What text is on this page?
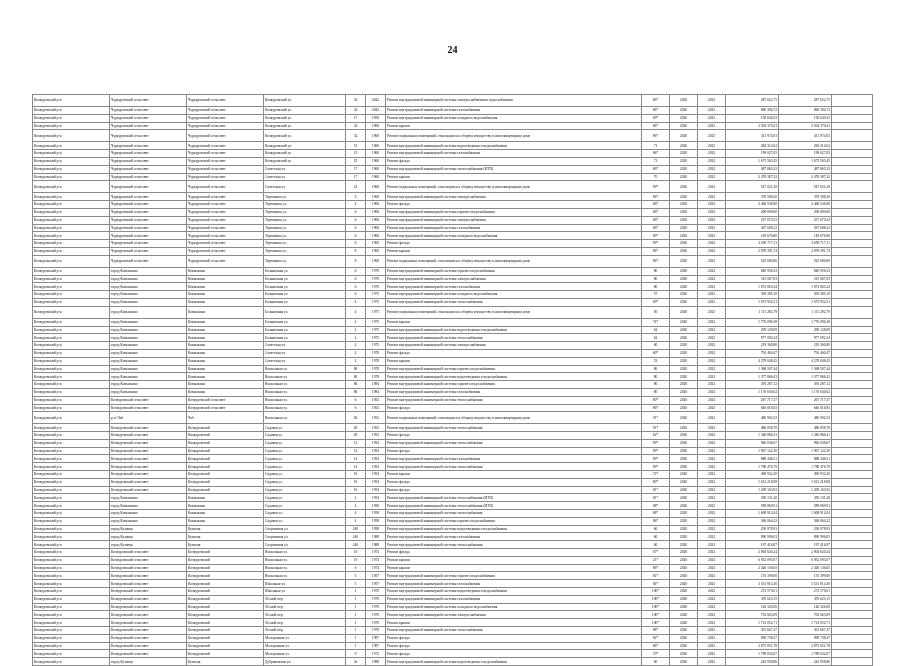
24
Кочкуровский р-н	Чуркуровский сельсовет	Чуркуровский сельсовет	Кочкуровский ул.	32	2042	Ремонт внутридомовой инженерной системы электроснабжения и водоснабжения	86*	2020	2023	287 652,75	287 652,75	
Кочкуровский р-н	Чуркуровский сельсовет	Чуркуровский сельсовет	Кочкуровский ул.	32	2042	Ремонт внутридомовой инженерной системы газоснабжения	86*	2020	2023	860 394,72	860 394,72	
Кочкуровский р-н	Чуркуровский сельсовет	Чуркуровский сельсовет	Кочкуровский ул.	17	1959	Ремонт внутридомовой инженерной системы холодного водоснабжения	90*	2020	2023	150 640,33	150 640,33	
Кочкуровский р-н	Чуркуровский сельсовет	Чуркуровский сельсовет	Кочкуровский ул.	32	1960	Ремонт крыши	86*	2020	2023	2 504 370,41	2 504 370,41	
Кочкуровский р-н	Чуркуровский сельсовет	Чуркуровский сельсовет	Кочкуровский ул.	32	1960	Ремонт подвальных помещений, относящихся к общему имуществу в многоквартирном доме	86*	2020	2023	411 974,03	411 974,03	
Кочкуровский р-н	Чуркуровский сельсовет	Чуркуровский сельсовет	Кочкуровский ул.	15	1960	Ремонт внутридомовой инженерной системы водоотведения и водоснабжения	71	2020	2023	284 314,62	284 314,62	
Кочкуровский р-н	Чуркуровский сельсовет	Чуркуровский сельсовет	Кочкуровский ул.	15	1960	Ремонт внутридомовой инженерной системы газоснабжения	86*	2020	2023	199 027,05	199 027,05	
Кочкуровский р-н	Чуркуровский сельсовет	Чуркуровский сельсовет	Кочкуровский ул.	25	1960	Ремонт фасада	71	2020	2023	1 675 563,45	1 675 563,45	
Кочкуровский р-н	Чуркуровский сельсовет	Чуркуровский сельсовет	Советская ул.	17	1960	Ремонт внутридомовой инженерной системы теплоснабжения (ИТП)	86*	2020	2023	487 865,32	487 865,32	
Кочкуровский р-н	Чуркуровский сельсовет	Чуркуровский сельсовет	Советская ул.	17	1960	Ремонт крыши	70	2020	2023	2 478 387,32	2 478 387,32	
Кочкуровский р-н	Чуркуровский сельсовет	Чуркуровский сельсовет	Советская ул.	21	1960	Ремонт подвальных помещений, относящихся к общему имуществу в многоквартирном доме	90*	2020	2023	547 021,29	547 021,29	
Кочкуровский р-н	Чуркуровский сельсовет	Чуркуровский сельсовет	Терешкова ул.	4	1960	Ремонт внутридомовой инженерной системы электроснабжения	86*	2020	2023	378 508,20	378 508,20	
Кочкуровский р-н	Чуркуровский сельсовет	Чуркуровский сельсовет	Терешкова ул.	4	1960	Ремонт фасада	86*	2020	2023	2 460 536,80	2 460 536,80	
Кочкуровский р-н	Чуркуровский сельсовет	Чуркуровский сельсовет	Терешкова ул.	6	1960	Ремонт внутридомовой инженерной системы горячего водоснабжения	86*	2020	2023	209 809,60	209 809,60	
Кочкуровский р-н	Чуркуровский сельсовет	Чуркуровский сельсовет	Терешкова ул.	6	1960	Ремонт внутридомовой инженерной системы электроснабжения	86*	2020	2023	237 670,32	237 670,32	
Кочкуровский р-н	Чуркуровский сельсовет	Чуркуровский сельсовет	Терешкова ул.	6	1960	Ремонт внутридомовой инженерной системы газоснабжения	86*	2020	2023	367 608,22	367 608,22	
Кочкуровский р-н	Чуркуровский сельсовет	Чуркуровский сельсовет	Терешкова ул.	6	1960	Ремонт внутридомовой инженерной системы холодного водоснабжения	90*	2020	2023	149 676,80	149 676,80	
Кочкуровский р-н	Чуркуровский сельсовет	Чуркуровский сельсовет	Терешкова ул.	6	1960	Ремонт фасада	90*	2020	2023	2 650 717,11	2 650 717,11	
Кочкуровский р-н	Чуркуровский сельсовет	Чуркуровский сельсовет	Терешкова ул.	8	1960	Ремонт крыши	86*	2020	2023	2 878 391,74	2 878 391,74	
Кочкуровский р-н	Чуркуровский сельсовет	Чуркуровский сельсовет	Терешкова ул.	8	1960	Ремонт подвальных помещений, относящихся к общему имуществу в многоквартирном доме	86*	2020	2023	525 686,80	525 686,80	
Кочкуровский р-н	город Ковылкино	Ковылкино	Больничная ул.	6	1970	Ремонт внутридомовой инженерной системы горячего водоснабжения	80	2020	2023	840 956,52	840 956,52	
Кочкуровский р-н	город Ковылкино	Ковылкино	Больничная ул.	6	1970	Ремонт внутридомовой инженерной системы электроснабжения	80	2020	2023	315 067,83	315 067,83	
Кочкуровский р-н	город Ковылкино	Ковылкино	Больничная ул.	6	1970	Ремонт внутридомовой инженерной системы газоснабжения	80	2020	2023	1 874 863,24	1 874 863,24	
Кочкуровский р-н	город Ковылкино	Ковылкино	Больничная ул.	6	1975	Ремонт внутридомовой инженерной системы холодного водоснабжения	57	2020	2023	393 385,10	393 385,10	
Кочкуровский р-н	город Ковылкино	Ковылкино	Больничная ул.	4	1975	Ремонт внутридомовой инженерной системы теплоснабжения	90*	2020	2023	1 675 952,51	1 675 952,51	
Кочкуровский р-н	город Ковылкино	Ковылкино	Больничная ул.	4	1975	Ремонт подвальных помещений, относящихся к общему имуществу в многоквартирном доме	50	2020	2023	1 111 282,79	1 111 282,79	
Кочкуровский р-н	город Ковылкино	Ковылкино	Больничная ул.	4	1975	Ремонт крыши	74*	2020	2023	1 776 096,38	1 776 096,38	
Кочкуровский р-н	город Ковылкино	Ковылкино	Больничная ул.	4	1975	Ремонт внутридомовой инженерной системы водоотведения и водоснабжения	62	2020	2023	299 128,09	299 128,09	
Кочкуровский р-н	город Ковылкино	Ковылкино	Больничная ул.	4	1975	Ремонт внутридомовой инженерной системы теплоснабжения	62	2020	2023	877 092,34	877 092,34	
Кочкуровский р-н	город Ковылкино	Ковылкино	Советская ул.	2	1975	Ремонт внутридомовой инженерной системы электроснабжения	60	2020	2023	219 360,80	219 360,80	
Кочкуровский р-н	город Ковылкино	Ковылкино	Советская ул.	2	1978	Ремонт фасада	60*	2020	2023	792 460,47	792 460,47	
Кочкуровский р-н	город Ковылкино	Ковылкино	Советская ул.	2	1978	Ремонт крыши	53	2020	2023	4 278 048,45	4 278 048,45	
Кочкуровский р-н	город Ковылкино	Ковылкино	Вокзальная ул.	86	1978	Ремонт внутридомовой инженерной системы горячего водоснабжения	86	2020	2023	1 368 507,44	1 368 507,44	
Кочкуровский р-н	город Ковылкино	Ковылкино	Вокзальная ул.	86	1978	Ремонт внутридомовой инженерной системы водоотведения и водоснабжения	80	2020	2023	1 377 866,43	1 377 866,43	
Кочкуровский р-н	город Ковылкино	Ковылкино	Вокзальная ул.	86	1984	Ремонт внутридомовой инженерной системы горячего водоснабжения	80	2020	2023	393 287,12	393 287,12	
Кочкуровский р-н	город Ковылкино	Ковылкино	Вокзальная ул.	86	1984	Ремонт внутридомовой инженерной системы газоснабжения	80	2020	2023	1 176 630,02	1 176 630,02	
Кочкуровский р-н	Кочкуровский сельсовет	Кочкуровский сельсовет	Вокзальная ул.	6	1952	Ремонт внутридомовой инженерной системы теплоснабжения	80*	2020	2023	267 717,37	267 717,37	
Кочкуровский р-н	Кочкуровский сельсовет	Кочкуровский сельсовет	Вокзальная ул.	6	1952	Ремонт фасада	86*	2020	2023	646 016,83	646 016,83	
Кочкуровский р-н	р.п. Чаб	Чаб	Вокзальная ул.	20	1952	Ремонт подвальных помещений, относящихся к общему имуществу в многоквартирном доме	91*	2020	2023	486 902,52	486 902,52	
Кочкуровский р-н	Кочкуровский сельсовет	Кочкуровский	Садовая ул.	20	1952	Ремонт внутридомовой инженерной системы теплоснабжения	91*	2020	2023	486 058,78	486 058,78	
Кочкуровский р-н	Кочкуровский сельсовет	Кочкуровский	Садовая ул.	20	1952	Ремонт фасада	62*	2020	2023	1 346 866,41	1 346 866,41	
Кочкуровский р-н	Кочкуровский сельсовет	Кочкуровский	Садовая ул.	12	1954	Ремонт внутридомовой инженерной системы теплоснабжения	90*	2020	2023	966 036,67	966 036,67	
Кочкуровский р-н	Кочкуровский сельсовет	Кочкуровский	Садовая ул.	12	1954	Ремонт фасада	90*	2020	2023	1 967 122,30	1 967 122,30	
Кочкуровский р-н	Кочкуровский сельсовет	Кочкуровский	Садовая ул.	14	1954	Ремонт внутридомовой инженерной системы газоснабжения	90*	2020	2023	888 446,51	888 446,51	
Кочкуровский р-н	Кочкуровский сельсовет	Кочкуровский	Садовая ул.	14	1954	Ремонт внутридомовой инженерной системы теплоснабжения	90*	2020	2023	1 788 476,79	1 788 476,79	
Кочкуровский р-н	Кочкуровский сельсовет	Кочкуровский	Садовая ул.	16	1954	Ремонт крыши	72*	2020	2023	490 932,20	490 932,20	
Кочкуровский р-н	Кочкуровский сельсовет	Кочкуровский	Садовая ул.	16	1954	Ремонт фасада	80*	2020	2023	1 612 218,08	1 612 218,08	
Кочкуровский р-н	Кочкуровский сельсовет	Кочкуровский	Садовая ул.	16	1954	Ремонт фасада	81*	2020	2023	1 209 163,92	1 209 163,92	
Кочкуровский р-н	город Ковылкино	Ковылкино	Садовая ул.	4	1954	Ремонт внутридомовой инженерной системы теплоснабжения (ИТП)	81*	2020	2023	350 131,20	350 131,20	
Кочкуровский р-н	город Ковылкино	Ковылкино	Садовая ул.	4	1958	Ремонт внутридомовой инженерной системы теплоснабжения (ИТП)	88*	2020	2023	589 869,91	589 869,91	
Кочкуровский р-н	город Ковылкино	Ковылкино	Садовая ул.	4	1958	Ремонт внутридомовой инженерной системы теплоснабжения	88*	2020	2023	1 608 912,04	1 608 912,04	
Кочкуровский р-н	город Ковылкино	Ковылкино	Садовая ул.	4	1958	Ремонт внутридомовой инженерной системы горячего водоснабжения	86*	2020	2023	360 064,22	360 064,22	
Кочкуровский р-н	город Кузнецк	Кузнецк	Спортивная ул.	240	1958	Ремонт внутридомовой инженерной системы водоотведения и водоснабжения	60	2020	2023	250 978,93	250 978,93	
Кочкуровский р-н	город Кузнецк	Кузнецк	Спортивная ул.	240	1988	Ремонт внутридомовой инженерной системы газоснабжения	60	2020	2023	890 996,03	890 996,03	
Кочкуровский р-н	город Кузнецк	Кузнецк	Спортивная ул.	240	1988	Ремонт внутридомовой инженерной системы теплоснабжения	60	2020	2023	197 416,87	197 416,87	
Кочкуровский р-н	Кочкуровский сельсовет	Кочкуровский	Вокзальная ул.	10	1974	Ремонт фасада	67*	2020	2023	2 904 620,24	2 904 620,24	
Кочкуровский р-н	Кочкуровский сельсовет	Кочкуровский	Вокзальная ул.	10	1974	Ремонт крыши	21*	2020	2023	6 952 093,07	6 952 093,07	
Кочкуровский р-н	Кочкуровский сельсовет	Кочкуровский	Вокзальная ул.	6	1974	Ремонт крыши	86*	2020	2023	2 426 136,65	2 426 136,65	
Кочкуровский р-н	Кочкуровский сельсовет	Кочкуровский	Вокзальная ул.	5	1957	Ремонт внутридомовой инженерной системы горячего водоснабжения	81*	2020	2023	155 399,00	155 399,00	
Кочкуровский р-н	Кочкуровский сельсовет	Кочкуровский	Школьная ул.	5	1957	Ремонт внутридомовой инженерной системы газоснабжения	84*	2020	2023	3 531 814,30	3 531 814,30	
Кочкуровский р-н	Кочкуровский сельсовет	Кочкуровский	Школьная ул.	1	1970	Ремонт внутридомовой инженерной системы водоотведения и водоснабжения	100*	2020	2023	272 570,61	272 570,61	
Кочкуровский р-н	Кочкуровский сельсовет	Кочкуровский	Лесной пер.	1	1970	Ремонт внутридомовой инженерной системы газоснабжения	100*	2020	2023	476 623,15	476 623,15	
Кочкуровский р-н	Кочкуровский сельсовет	Кочкуровский	Лесной пер.	1	1970	Ремонт внутридомовой инженерной системы холодного водоснабжения	100*	2020	2023	146 326,06	146 326,06	
Кочкуровский р-н	Кочкуровский сельсовет	Кочкуровский	Лесной пер.	1	1970	Ремонт внутридомовой инженерной системы электроснабжения	100*	2020	2023	702 663,09	702 663,09	
Кочкуровский р-н	Кочкуровский сельсовет	Кочкуровский	Лесной пер.	1	1970	Ремонт крыши	100*	2020	2023	1 714 052,71	1 714 052,71	
Кочкуровский р-н	Кочкуровский сельсовет	Кочкуровский	Лесной пер.	1	1970	Ремонт внутридомовой инженерной системы теплоснабжения	88*	2020	2023	301 667,47	301 667,47	
Кочкуровский р-н	Кочкуровский сельсовет	Кочкуровский	Молодежная ул.	1	1987	Ремонт фасада	82*	2020	2023	909 738,47	909 738,47	
Кочкуровский р-н	Кочкуровский сельсовет	Кочкуровский	Молодежная ул.	1	1987	Ремонт фасада	86*	2020	2023	2 875 051,78	2 875 051,78	
Кочкуровский р-н	Кочкуровский сельсовет	Кочкуровский	Молодежная ул.	9	1972	Ремонт фасада	70*	2020	2023	1 789 032,07	1 789 032,07	
Кочкуровский р-н	город Кузнецк	Кузнецк	Дубравенская ул.	3а	1988	Ремонт внутридомовой инженерной системы водоотведения и водоснабжения	60	2020	2023	243 958,86	243 958,86	
